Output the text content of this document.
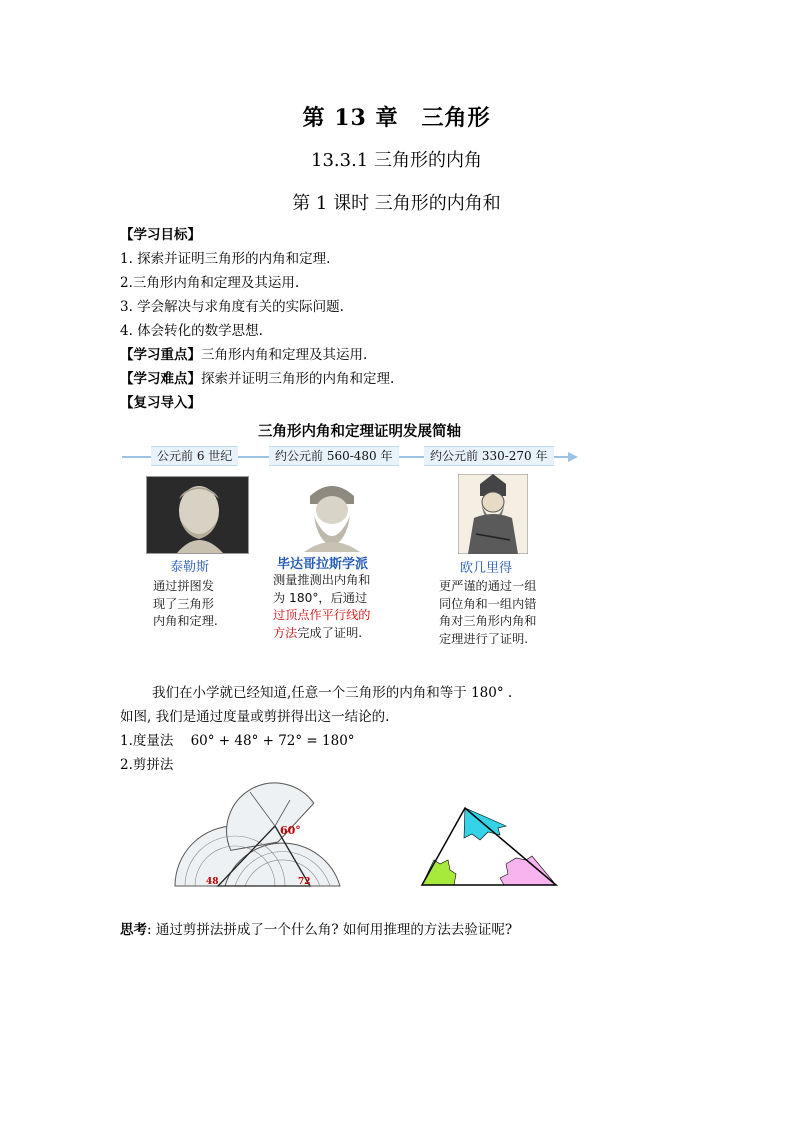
第 13 章　三角形
13.3.1 三角形的内角
第 1 课时 三角形的内角和
【学习目标】
1. 探索并证明三角形的内角和定理.
2.三角形内角和定理及其运用.
3. 学会解决与求角度有关的实际问题.
4. 体会转化的数学思想.
【学习重点】三角形内角和定理及其运用.
【学习难点】探索并证明三角形的内角和定理.
【复习导入】
三角形内角和定理证明发展简轴
公元前 6 世纪	约公元前 560-480 年	约公元前 330-270 年
泰勒斯	毕达哥拉斯学派	欧几里得
通过拼图发
现了三角形
内角和定理.
测量推测出内角和
为 180°，后通过
过顶点作平行线的
方法完成了证明.
更严谨的通过一组
同位角和一组内错
角对三角形内角和
定理进行了证明.
我们在小学就已经知道,任意一个三角形的内角和等于 180° .
如图, 我们是通过度量或剪拼得出这一结论的.
1.度量法 60° + 48° + 72° = 180°
2.剪拼法
60°
48	72
思考: 通过剪拼法拼成了一个什么角? 如何用推理的方法去验证呢?
